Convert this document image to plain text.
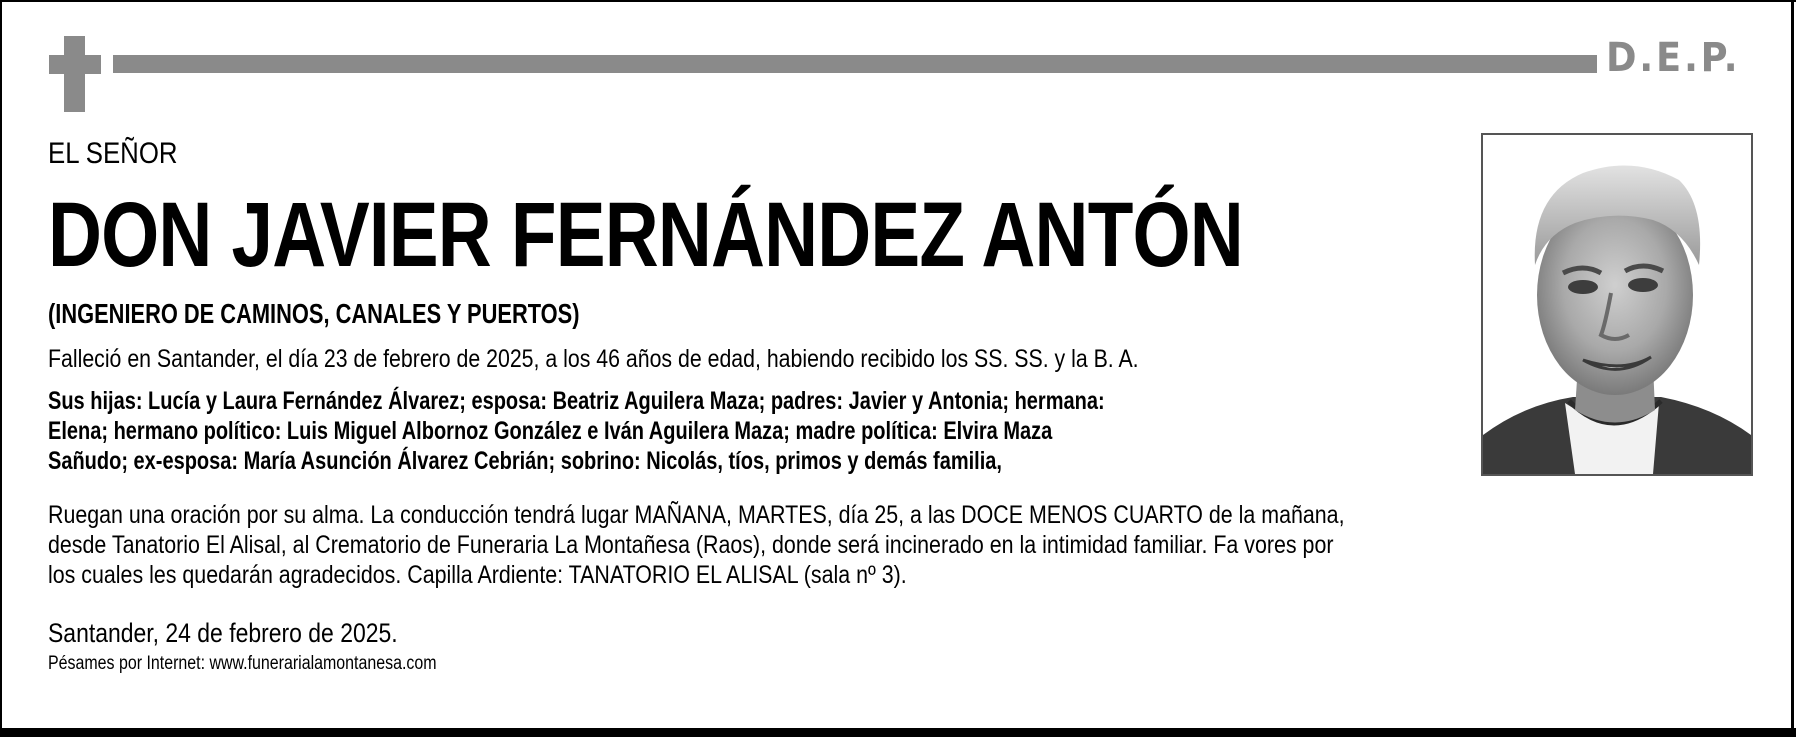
D.E.P.
EL SEÑOR
DON JAVIER FERNÁNDEZ ANTÓN
(INGENIERO DE CAMINOS, CANALES Y PUERTOS)
Falleció en Santander, el día 23 de febrero de 2025, a los 46 años de edad, habiendo recibido los SS. SS. y la B. A.
Sus hijas: Lucía y Laura Fernández Álvarez; esposa: Beatriz Aguilera Maza; padres: Javier y Antonia; hermana:
Elena; hermano político: Luis Miguel Albornoz González e Iván Aguilera Maza; madre política: Elvira Maza
Sañudo; ex-esposa: María Asunción Álvarez Cebrián; sobrino: Nicolás, tíos, primos y demás familia,
Ruegan una oración por su alma. La conducción tendrá lugar MAÑANA, MARTES, día 25, a las DOCE MENOS CUARTO de la mañana,
desde Tanatorio El Alisal, al Crematorio de Funeraria La Montañesa (Raos), donde será incinerado en la intimidad familiar. Fa vores por
los cuales les quedarán agradecidos. Capilla Ardiente: TANATORIO EL ALISAL (sala nº 3).
Santander, 24 de febrero de 2025.
Pésames por Internet: www.funerarialamontanesa.com
